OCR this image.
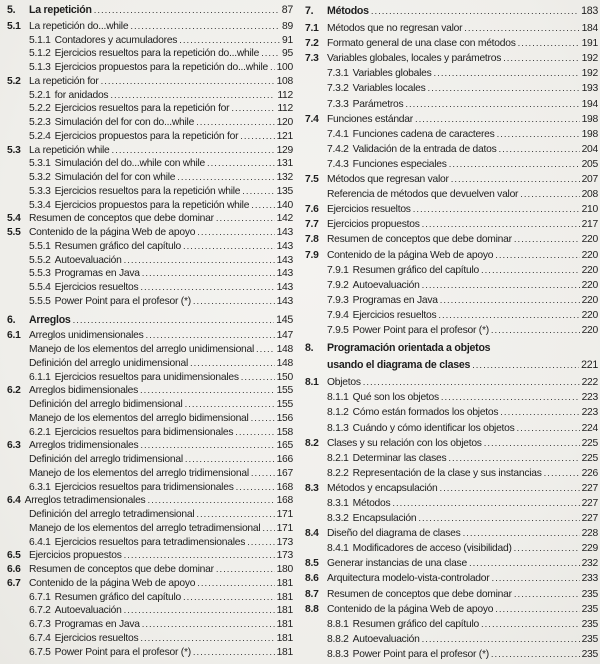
5.	La repetición .....	87
5.1 La repetición do...while .....	89
5.1.1 Contadores y acumuladores .....	91
5.1.2 Ejercicios resueltos para la repetición do...while ..... 95
5.1.3 Ejercicios propuestos para la repetición do...while ..... 100
5.2 La repetición for .....	108
5.2.1 for anidados .....	112
5.2.2 Ejercicios resueltos para la repetición for .....	112
5.2.3 Simulación del for con do...while .....	120
5.2.4 Ejercicios propuestos para la repetición for .....	121
5.3 La repetición while .....	129
5.3.1 Simulación del do...while con while .....	131
5.3.2 Simulación del for con while .....	132
5.3.3 Ejercicios resueltos para la repetición while .....	135
5.3.4 Ejercicios propuestos para la repetición while .....	140
5.4 Resumen de conceptos que debe dominar .....	142
5.5 Contenido de la página Web de apoyo .....	143
5.5.1 Resumen gráfico del capítulo .....	143
5.5.2 Autoevaluación .....	143
5.5.3 Programas en Java .....	143
5.5.4 Ejercicios resueltos .....	143
5.5.5 Power Point para el profesor (*) .....	143
6.	Arreglos .....	145
6.1 Arreglos unidimensionales .....	147
Manejo de los elementos del arreglo unidimensional ..... 148
Definición del arreglo unidimensional .....	148
6.1.1 Ejercicios resueltos para unidimensionales .....	150
6.2 Arreglos bidimensionales .....	155
Definición del arreglo bidimensional .....	155
Manejo de los elementos del arreglo bidimensional .....	156
6.2.1 Ejercicios resueltos para bidimensionales .....	158
6.3 Arreglos tridimensionales .....	165
Definición del arreglo tridimensional .....	166
Manejo de los elementos del arreglo tridimensional .....	167
6.3.1 Ejercicios resueltos para tridimensionales .....	168
6.4 Arreglos tetradimensionales .....	168
Definición del arreglo tetradimensional .....	171
Manejo de los elementos del arreglo tetradimensional ..... 171
6.4.1 Ejercicios resueltos para tetradimensionales .....	173
6.5 Ejercicios propuestos .....	173
6.6 Resumen de conceptos que debe dominar .....	180
6.7 Contenido de la página Web de apoyo .....	181
6.7.1 Resumen gráfico del capítulo .....	181
6.7.2 Autoevaluación .....	181
6.7.3 Programas en Java .....	181
6.7.4 Ejercicios resueltos .....	181
6.7.5 Power Point para el profesor (*) .....	181
7.	Métodos .....	183
7.1 Métodos que no regresan valor .....	184
7.2 Formato general de una clase con métodos .....	191
7.3 Variables globales, locales y parámetros .....	192
7.3.1 Variables globales .....	192
7.3.2 Variables locales .....	193
7.3.3 Parámetros .....	194
7.4 Funciones estándar .....	198
7.4.1 Funciones cadena de caracteres .....	198
7.4.2 Validación de la entrada de datos .....	204
7.4.3 Funciones especiales .....	205
7.5 Métodos que regresan valor .....	207
Referencia de métodos que devuelven valor .....	208
7.6 Ejercicios resueltos .....	210
7.7 Ejercicios propuestos .....	217
7.8 Resumen de conceptos que debe dominar .....	220
7.9 Contenido de la página Web de apoyo .....	220
7.9.1 Resumen gráfico del capítulo .....	220
7.9.2 Autoevaluación .....	220
7.9.3 Programas en Java .....	220
7.9.4 Ejercicios resueltos .....	220
7.9.5 Power Point para el profesor (*) .....	220
8.	Programación orientada a objetos
usando el diagrama de clases .....	221
8.1 Objetos .....	222
8.1.1 Qué son los objetos .....	223
8.1.2 Cómo están formados los objetos .....	223
8.1.3 Cuándo y cómo identificar los objetos .....	224
8.2 Clases y su relación con los objetos .....	225
8.2.1 Determinar las clases .....	225
8.2.2 Representación de la clase y sus instancias .....	226
8.3 Métodos y encapsulación .....	227
8.3.1 Métodos .....	227
8.3.2 Encapsulación .....	227
8.4 Diseño del diagrama de clases .....	228
8.4.1 Modificadores de acceso (visibilidad) .....	229
8.5 Generar instancias de una clase .....	232
8.6 Arquitectura modelo-vista-controlador .....	233
8.7 Resumen de conceptos que debe dominar .....	235
8.8 Contenido de la página Web de apoyo .....	235
8.8.1 Resumen gráfico del capítulo .....	235
8.8.2 Autoevaluación .....	235
8.8.3 Power Point para el profesor (*) .....	235
